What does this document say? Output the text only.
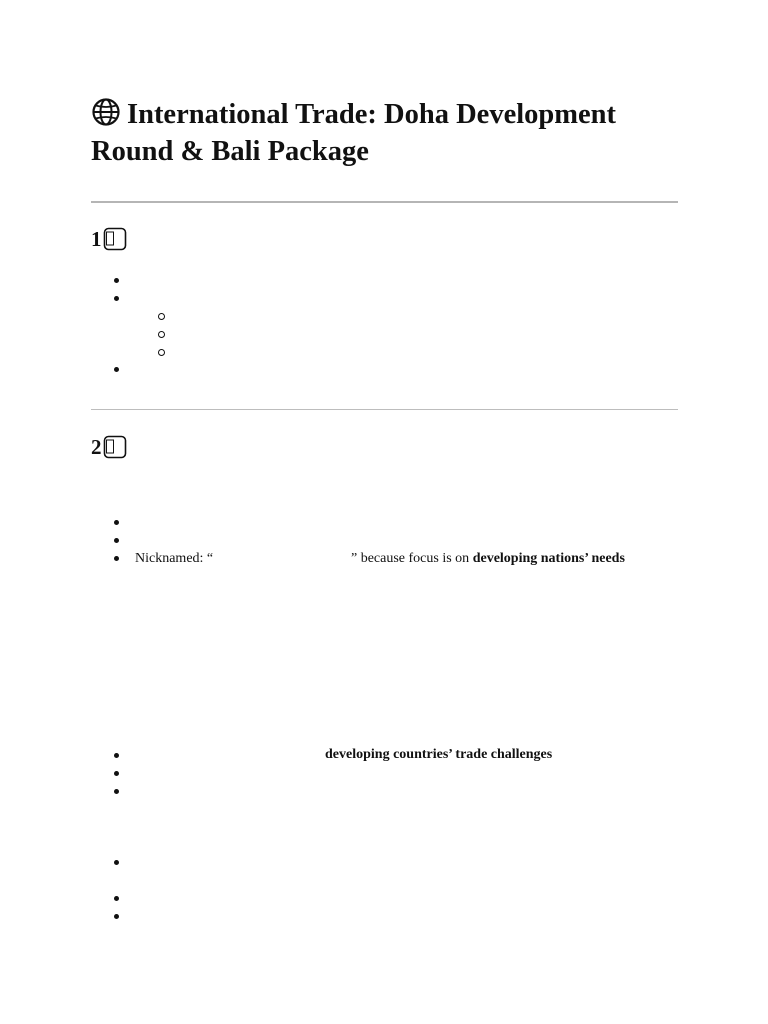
International Trade: Doha Development Round & Bali Package
1
2
Nicknamed: “	” because focus is on developing nations’ needs
developing countries’ trade challenges
